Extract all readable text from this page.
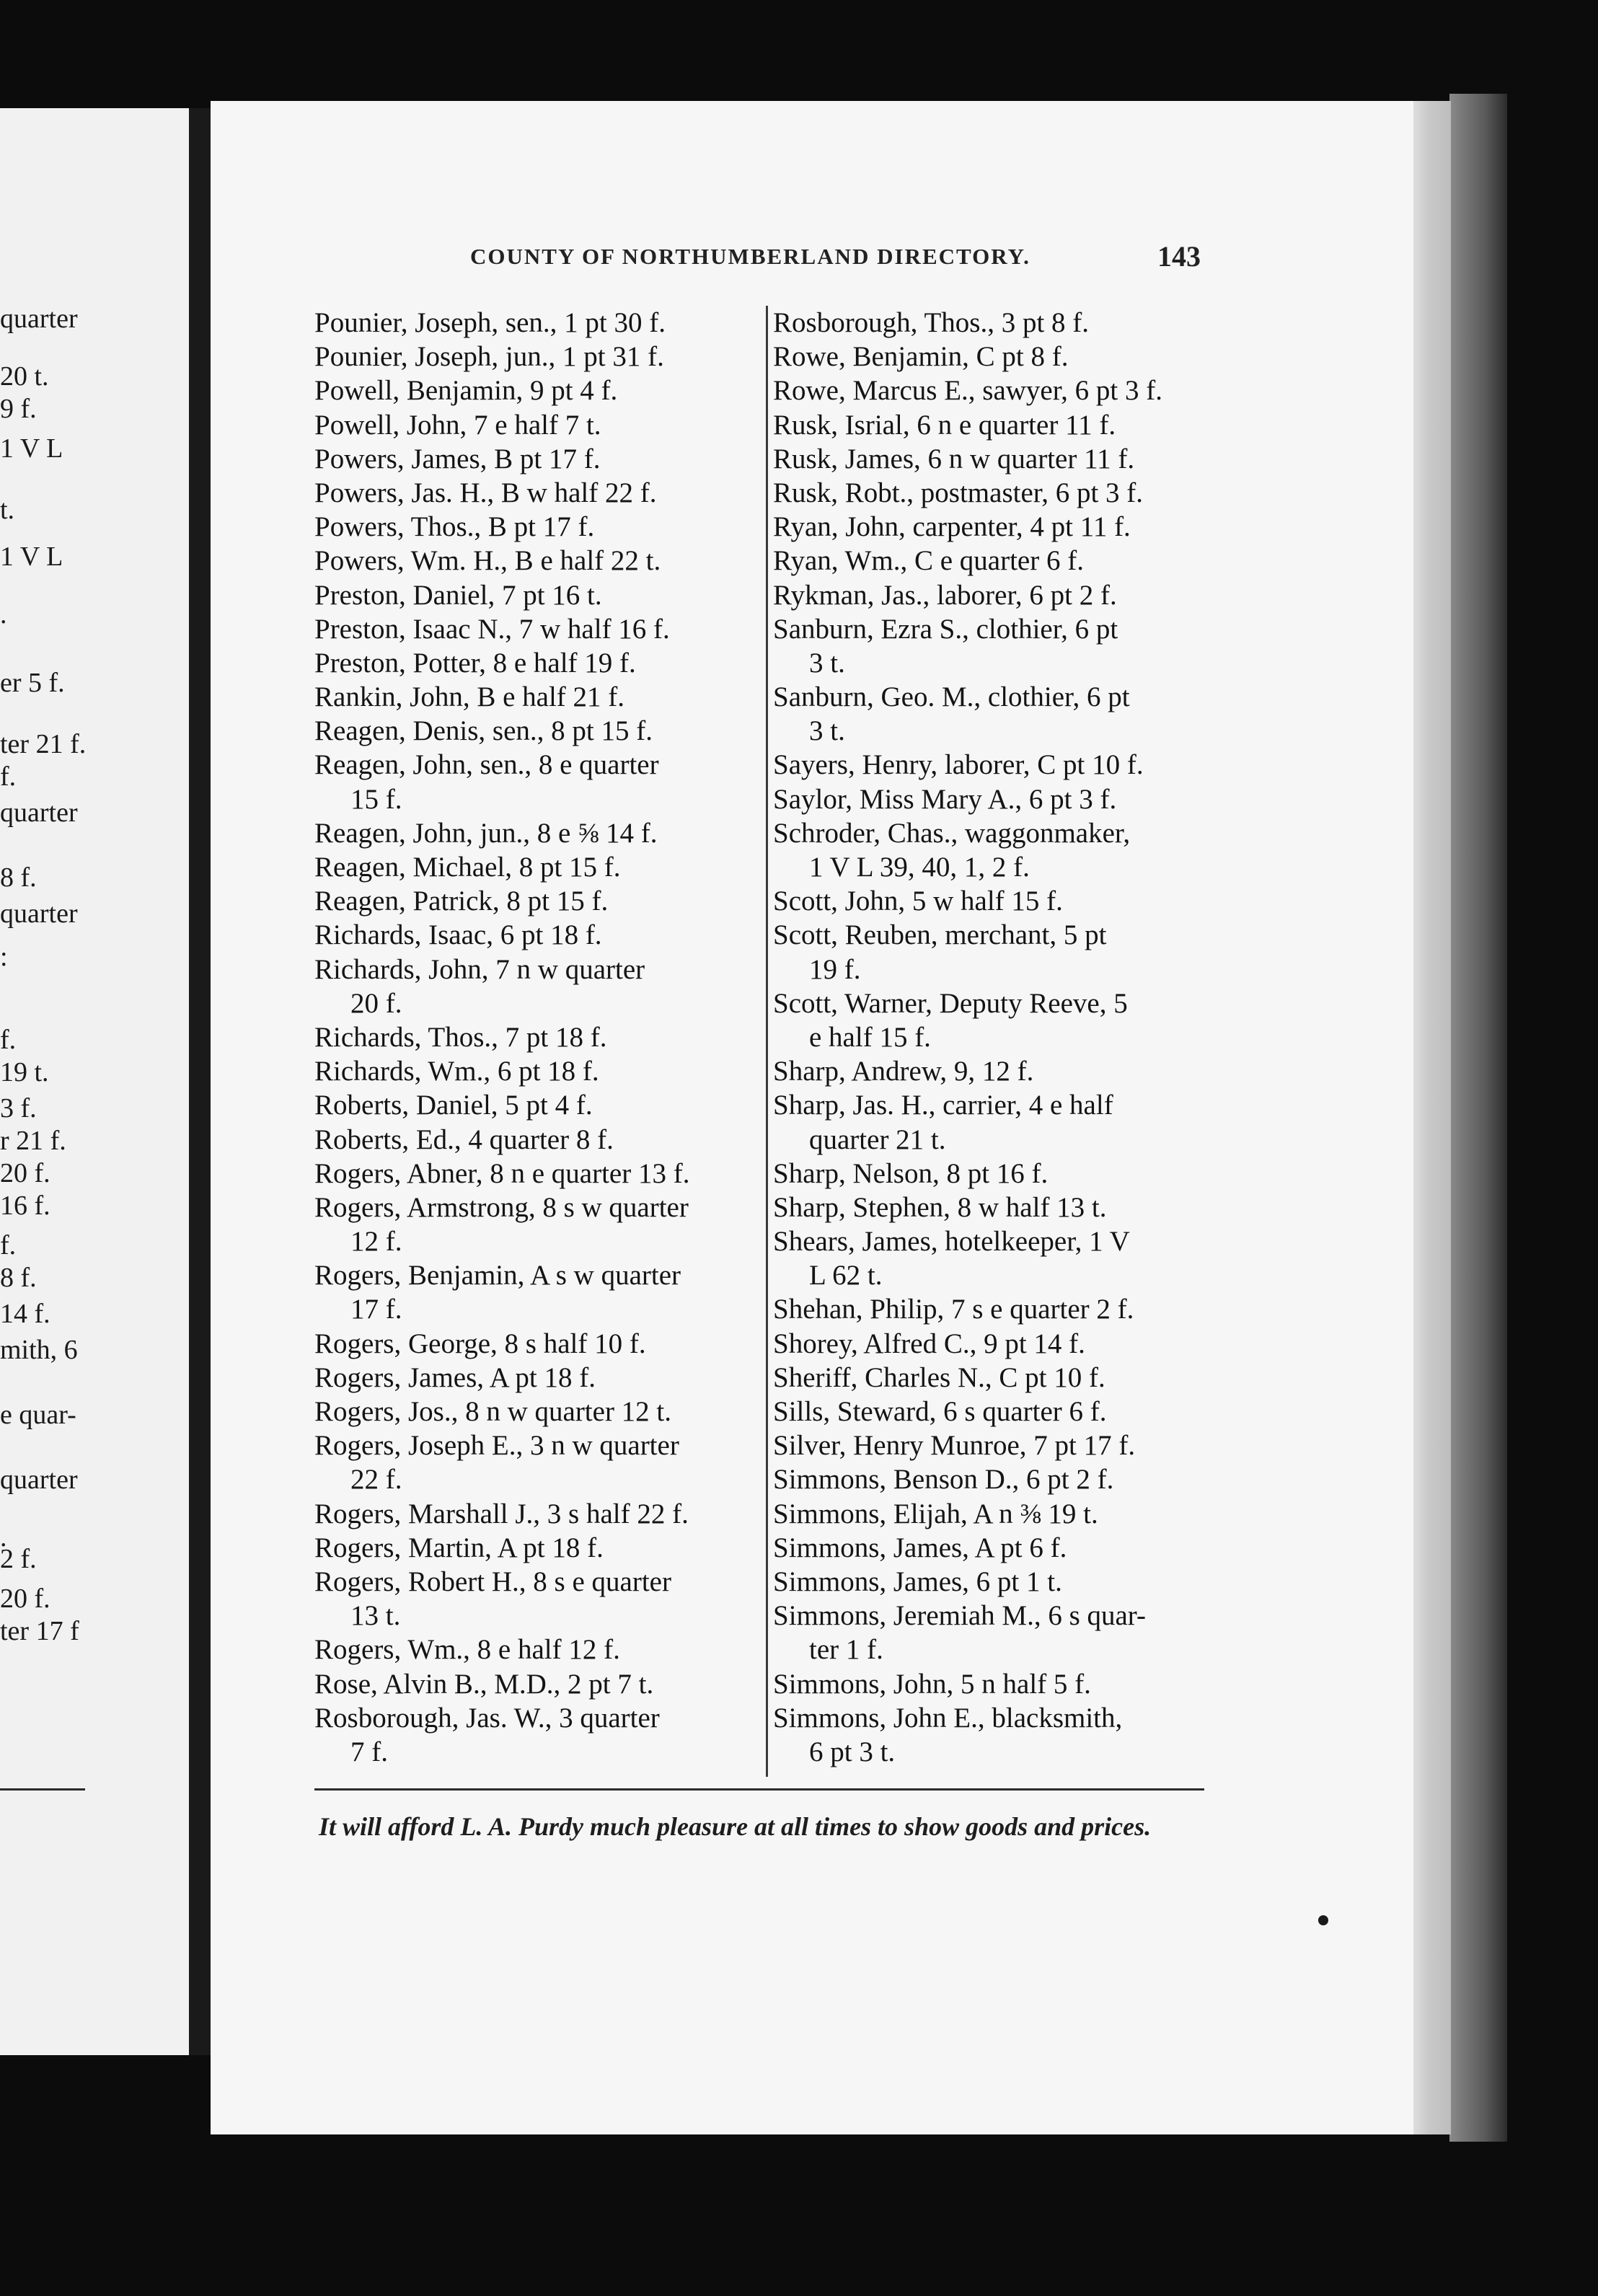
quarter
20 t.
9 f.
1 V L
t.
1 V L
.
er 5 f.
ter 21 f.
f.
quarter
8 f.
quarter
:
f.
19 t.
3 f.
r 21 f.
20 f.
16 f.
f.
8 f.
14 f.
mith, 6
e quar-
quarter
.
2 f.
20 f.
ter 17 f
COUNTY OF NORTHUMBERLAND DIRECTORY.	143
Pounier, Joseph, sen., 1 pt 30 f.
Pounier, Joseph, jun., 1 pt 31 f.
Powell, Benjamin, 9 pt 4 f.
Powell, John, 7 e half 7 t.
Powers, James, B pt 17 f.
Powers, Jas. H., B w half 22 f.
Powers, Thos., B pt 17 f.
Powers, Wm. H., B e half 22 t.
Preston, Daniel, 7 pt 16 t.
Preston, Isaac N., 7 w half 16 f.
Preston, Potter, 8 e half 19 f.
Rankin, John, B e half 21 f.
Reagen, Denis, sen., 8 pt 15 f.
Reagen, John, sen., 8 e quarter
15 f.
Reagen, John, jun., 8 e ⅝ 14 f.
Reagen, Michael, 8 pt 15 f.
Reagen, Patrick, 8 pt 15 f.
Richards, Isaac, 6 pt 18 f.
Richards, John, 7 n w quarter
20 f.
Richards, Thos., 7 pt 18 f.
Richards, Wm., 6 pt 18 f.
Roberts, Daniel, 5 pt 4 f.
Roberts, Ed., 4 quarter 8 f.
Rogers, Abner, 8 n e quarter 13 f.
Rogers, Armstrong, 8 s w quarter
12 f.
Rogers, Benjamin, A s w quarter
17 f.
Rogers, George, 8 s half 10 f.
Rogers, James, A pt 18 f.
Rogers, Jos., 8 n w quarter 12 t.
Rogers, Joseph E., 3 n w quarter
22 f.
Rogers, Marshall J., 3 s half 22 f.
Rogers, Martin, A pt 18 f.
Rogers, Robert H., 8 s e quarter
13 t.
Rogers, Wm., 8 e half 12 f.
Rose, Alvin B., M.D., 2 pt 7 t.
Rosborough, Jas. W., 3 quarter
7 f.
Rosborough, Thos., 3 pt 8 f.
Rowe, Benjamin, C pt 8 f.
Rowe, Marcus E., sawyer, 6 pt 3 f.
Rusk, Isrial, 6 n e quarter 11 f.
Rusk, James, 6 n w quarter 11 f.
Rusk, Robt., postmaster, 6 pt 3 f.
Ryan, John, carpenter, 4 pt 11 f.
Ryan, Wm., C e quarter 6 f.
Rykman, Jas., laborer, 6 pt 2 f.
Sanburn, Ezra S., clothier, 6 pt
3 t.
Sanburn, Geo. M., clothier, 6 pt
3 t.
Sayers, Henry, laborer, C pt 10 f.
Saylor, Miss Mary A., 6 pt 3 f.
Schroder, Chas., waggonmaker,
1 V L 39, 40, 1, 2 f.
Scott, John, 5 w half 15 f.
Scott, Reuben, merchant, 5 pt
19 f.
Scott, Warner, Deputy Reeve, 5
e half 15 f.
Sharp, Andrew, 9, 12 f.
Sharp, Jas. H., carrier, 4 e half
quarter 21 t.
Sharp, Nelson, 8 pt 16 f.
Sharp, Stephen, 8 w half 13 t.
Shears, James, hotelkeeper, 1 V
L 62 t.
Shehan, Philip, 7 s e quarter 2 f.
Shorey, Alfred C., 9 pt 14 f.
Sheriff, Charles N., C pt 10 f.
Sills, Steward, 6 s quarter 6 f.
Silver, Henry Munroe, 7 pt 17 f.
Simmons, Benson D., 6 pt 2 f.
Simmons, Elijah, A n ⅜ 19 t.
Simmons, James, A pt 6 f.
Simmons, James, 6 pt 1 t.
Simmons, Jeremiah M., 6 s quar-
ter 1 f.
Simmons, John, 5 n half 5 f.
Simmons, John E., blacksmith,
6 pt 3 t.
It will afford L. A. Purdy much pleasure at all times to show goods and prices.
